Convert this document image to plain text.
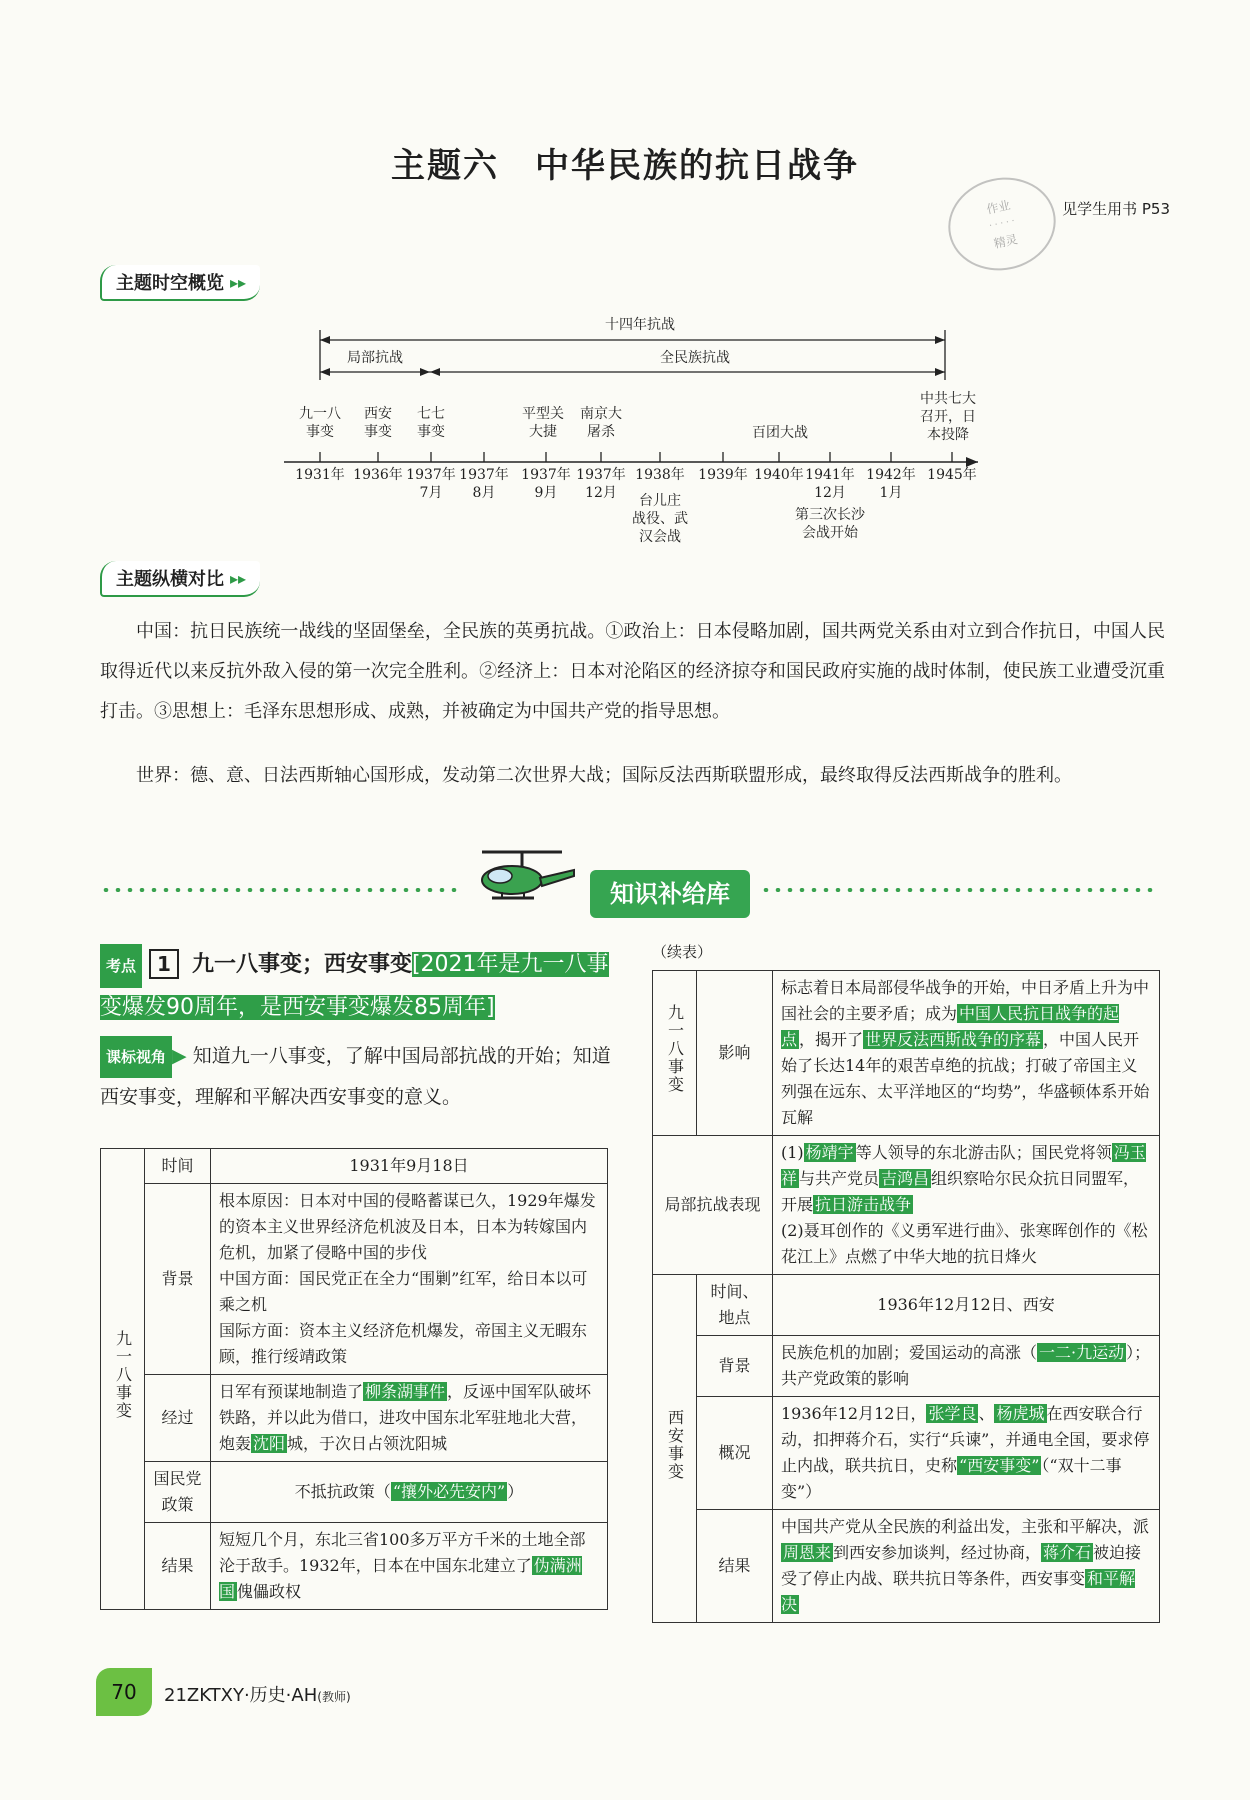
主题六　中华民族的抗日战争
作业
· · · · ·
精灵
见学生用书 P53
主题时空概览 ▸▸
十四年抗战
局部抗战	全民族抗战
九一八
事变
西安
事变
七七
事变
平型关
大捷
南京大
屠杀	百团大战
中共七大
召开，日
本投降
1931年 1936年 1937年
7月
1937年
8月
1937年
9月
1937年
12月
1938年 1939年 1940年 1941年
12月
1942年
1月
1945年
台儿庄
战役、武
汉会战
第三次长沙
会战开始
主题纵横对比 ▸▸
中国：抗日民族统一战线的坚固堡垒，全民族的英勇抗战。①政治上：日本侵略加剧，国共两党关系由对立到合作抗日，中国人民取得近代以来反抗外敌入侵的第一次完全胜利。②经济上：日本对沦陷区的经济掠夺和国民政府实施的战时体制，使民族工业遭受沉重打击。③思想上：毛泽东思想形成、成熟，并被确定为中国共产党的指导思想。
世界：德、意、日法西斯轴心国形成，发动第二次世界大战；国际反法西斯联盟形成，最终取得反法西斯战争的胜利。
知识补给库
考点 1 九一八事变；西安事变[2021年是九一八事变爆发90周年，是西安事变爆发85周年]
课标视角 ▶ 知道九一八事变，了解中国局部抗战的开始；知道西安事变，理解和平解决西安事变的意义。
九一八事变	时间	1931年9月18日
	背景	根本原因：日本对中国的侵略蓄谋已久，1929年爆发的资本主义世界经济危机波及日本，日本为转嫁国内危机，加紧了侵略中国的步伐
中国方面：国民党正在全力“围剿”红军，给日本以可乘之机
国际方面：资本主义经济危机爆发，帝国主义无暇东顾，推行绥靖政策
	经过	日军有预谋地制造了 柳条湖事件 ，反诬中国军队破坏铁路，并以此为借口，进攻中国东北军驻地北大营，炮轰 沈阳 城，于次日占领沈阳城
	国民党政策	不抵抗政策（ “攘外必先安内” ）
	结果	短短几个月，东北三省100多万平方千米的土地全部沦于敌手。1932年，日本在中国东北建立了 伪满洲国 傀儡政权
（续表）
九一八事变	影响	标志着日本局部侵华战争的开始，中日矛盾上升为中国社会的主要矛盾；成为 中国人民抗日战争的起点 ，揭开了 世界反法西斯战争的序幕 ，中国人民开始了长达14年的艰苦卓绝的抗战；打破了帝国主义列强在远东、太平洋地区的“均势”，华盛顿体系开始瓦解
局部抗战表现		(1) 杨靖宇 等人领导的东北游击队；国民党将领 冯玉祥 与共产党员 吉鸿昌 组织察哈尔民众抗日同盟军，开展 抗日游击战争
(2)聂耳创作的《义勇军进行曲》、张寒晖创作的《松花江上》点燃了中华大地的抗日烽火
西安事变	时间、地点	1936年12月12日、西安
	背景	民族危机的加剧；爱国运动的高涨（ 一二·九运动 ）；共产党政策的影响
	概况	1936年12月12日， 张学良 、 杨虎城 在西安联合行动，扣押蒋介石，实行“兵谏”，并通电全国，要求停止内战，联共抗日，史称 “西安事变” （“双十二事变”）
	结果	中国共产党从全民族的利益出发，主张和平解决，派周恩来 到西安参加谈判，经过协商， 蒋介石 被迫接受了停止内战、联共抗日等条件，西安事变 和平解决
70	21ZKTXY·历史·AH(教师)
